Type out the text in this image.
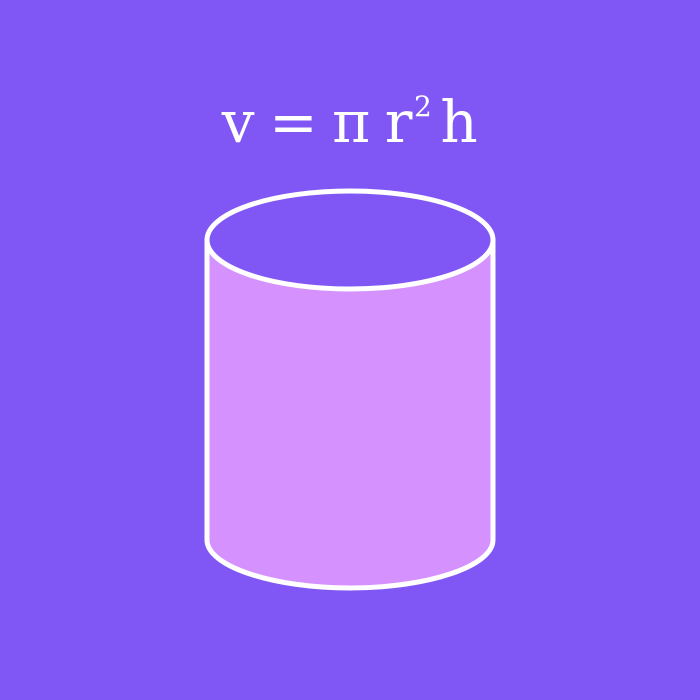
v = π $r^2$ h
